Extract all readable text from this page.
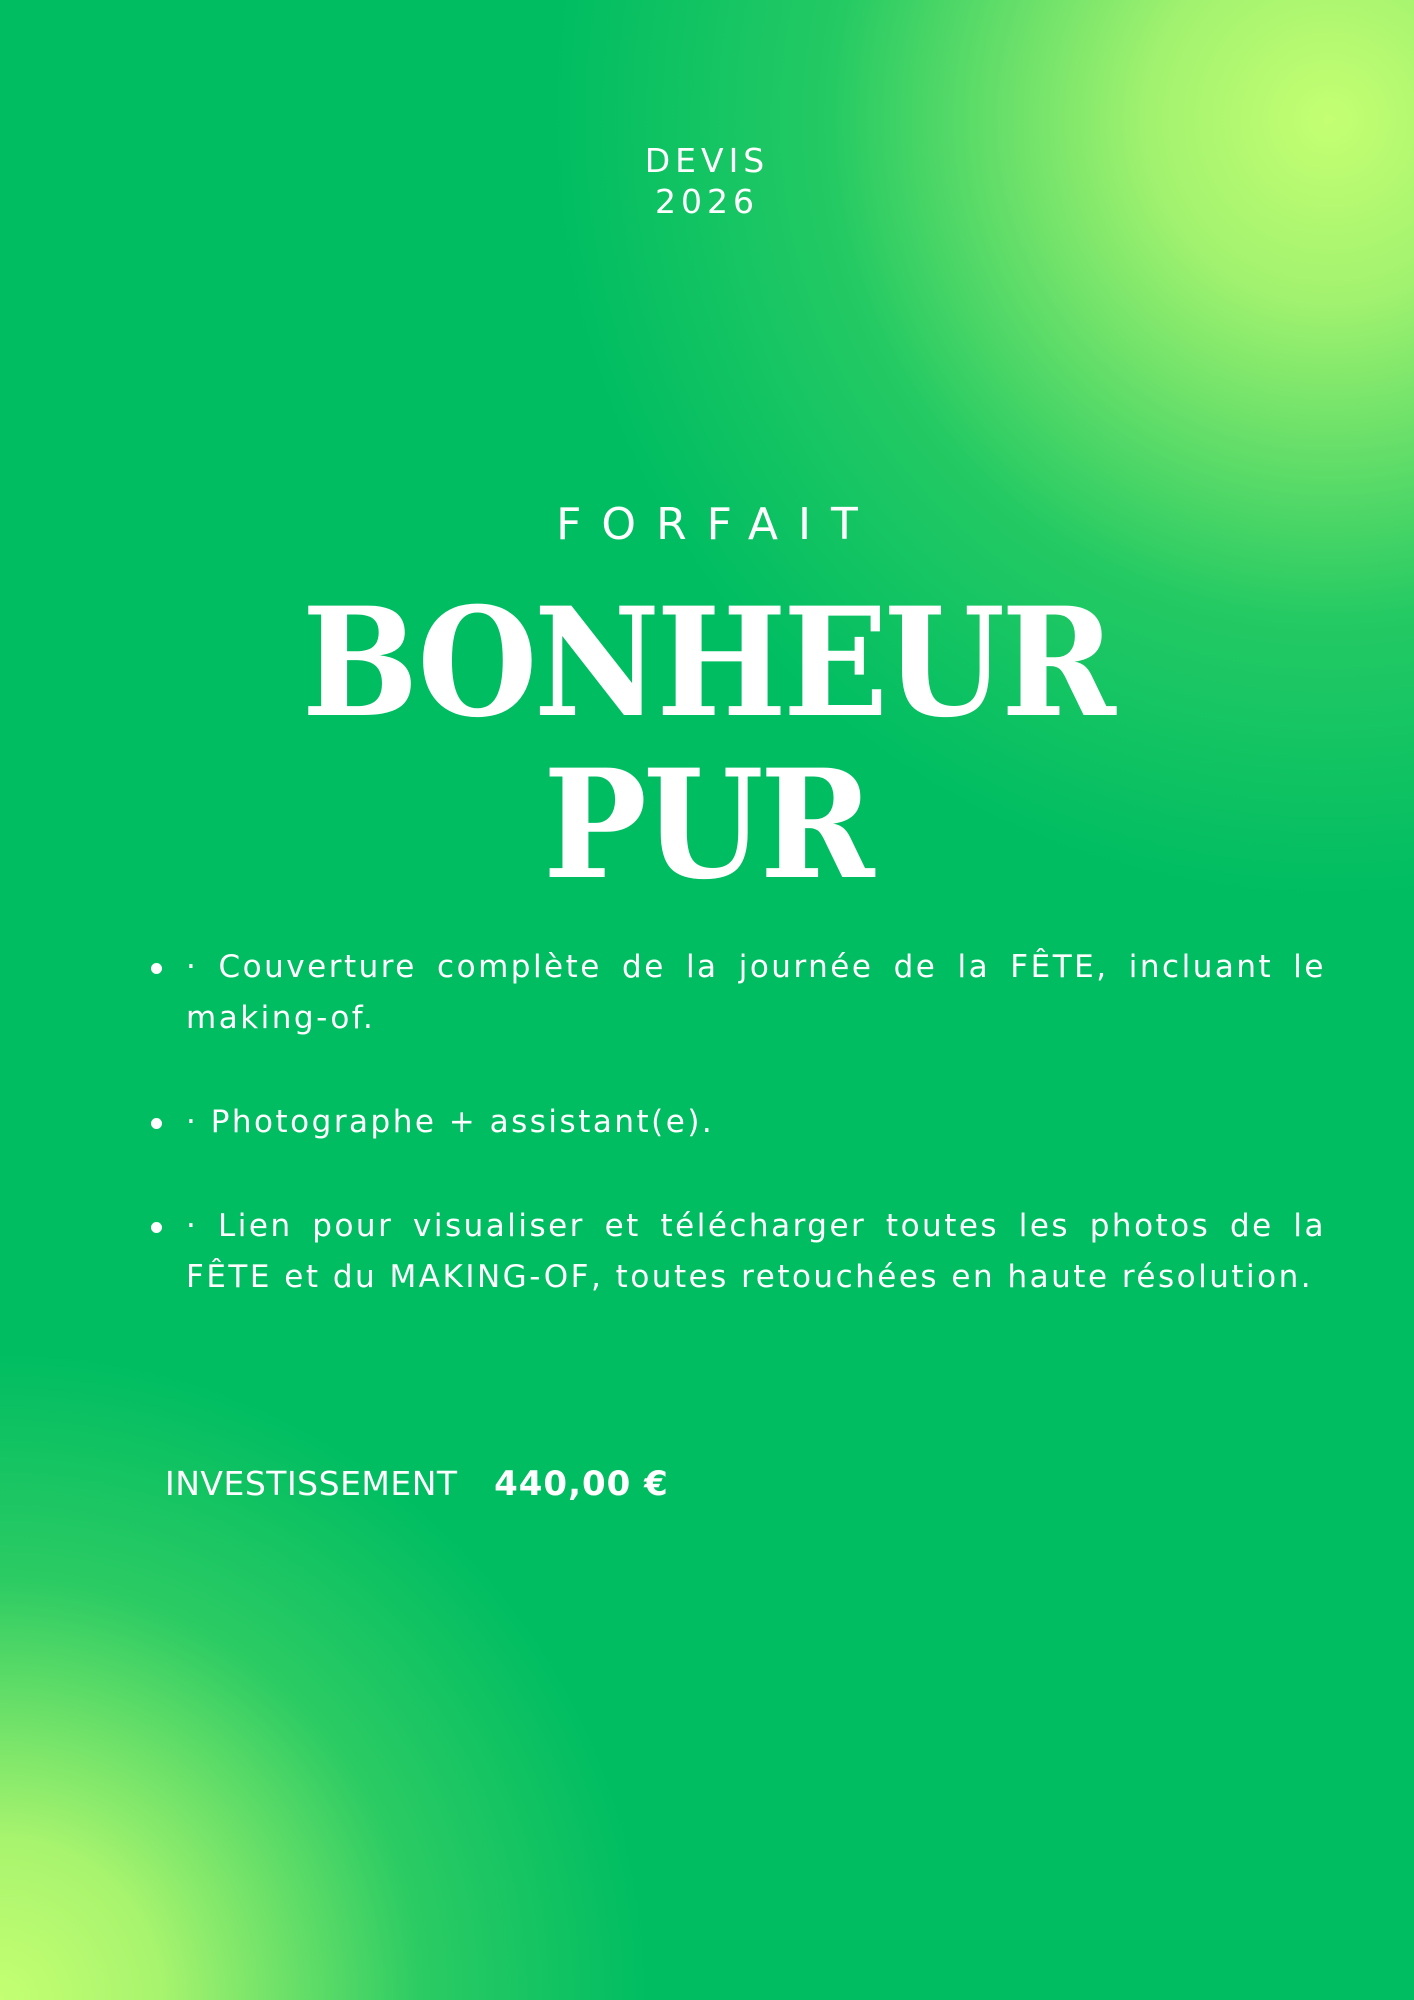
DEVIS
2026
FORFAIT
BONHEUR
PUR
· Couverture complète de la journée de la FÊTE, incluant le making-of.
· Photographe + assistant(e).
· Lien pour visualiser et télécharger toutes les photos de la FÊTE et du MAKING-OF, toutes retouchées en haute résolution.
INVESTISSEMENT 440,00 €
